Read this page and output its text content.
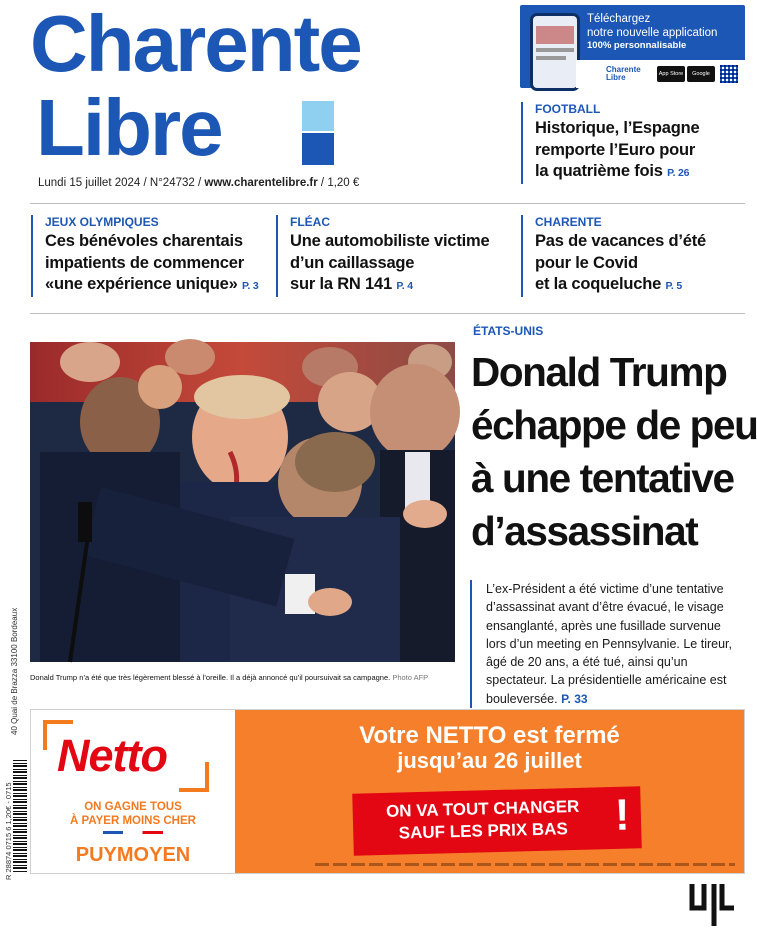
Charente
Libre
Lundi 15 juillet 2024 / N°24732 / www.charentelibre.fr / 1,20 €
Téléchargez
notre nouvelle application
100% personnalisable
Charente
Libre	App Store	Google Play
FOOTBALL
Historique, l’Espagne
remporte l’Euro pour
la quatrième fois P. 26
JEUX OLYMPIQUES
Ces bénévoles charentais
impatients de commencer
«une expérience unique» P. 3
FLÉAC
Une automobiliste victime
d’un caillassage
sur la RN 141 P. 4
CHARENTE
Pas de vacances d’été
pour le Covid
et la coqueluche P. 5
Donald Trump n’a été que très légèrement blessé à l’oreille. Il a déjà annoncé qu’il poursuivait sa campagne. Photo AFP
ÉTATS-UNIS
Donald Trump
échappe de peu
à une tentative
d’assassinat
L’ex-Président a été victime d’une tentative d’assassinat avant d’être évacué, le visage ensanglanté, après une fusillade survenue lors d’un meeting en Pennsylvanie. Le tireur, âgé de 20 ans, a été tué, ainsi qu’un spectateur. La présidentielle américaine est bouleversée. P. 33
40 Quai de Brazza 33100 Bordeaux
R 28874 0715 6 1,20€ - 0715
Netto
ON GAGNE TOUS
À PAYER MOINS CHER
PUYMOYEN
Votre NETTO est fermé
jusqu’au 26 juillet
ON VA TOUT CHANGER
SAUF LES PRIX BAS	!
